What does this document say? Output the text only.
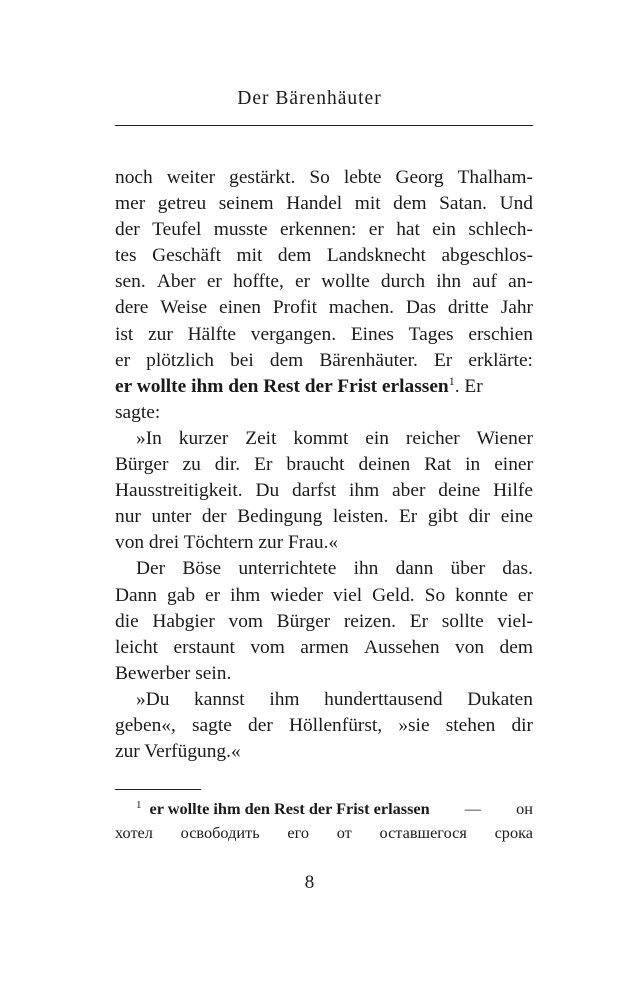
Der Bärenhäuter
noch weiter gestärkt. So lebte Georg Thalham-
mer getreu seinem Handel mit dem Satan. Und
der Teufel musste erkennen: er hat ein schlech-
tes Geschäft mit dem Landsknecht abgeschlos-
sen. Aber er hoffte, er wollte durch ihn auf an-
dere Weise einen Profit machen. Das dritte Jahr
ist zur Hälfte vergangen. Eines Tages erschien
er plötzlich bei dem Bärenhäuter. Er erklärte:
er wollte ihm den Rest der Frist erlassen$^1$. Er
sagte:
»In kurzer Zeit kommt ein reicher Wiener
Bürger zu dir. Er braucht deinen Rat in einer
Hausstreitigkeit. Du darfst ihm aber deine Hilfe
nur unter der Bedingung leisten. Er gibt dir eine
von drei Töchtern zur Frau.«
Der Böse unterrichtete ihn dann über das.
Dann gab er ihm wieder viel Geld. So konnte er
die Habgier vom Bürger reizen. Er sollte viel-
leicht erstaunt vom armen Aussehen von dem
Bewerber sein.
»Du kannst ihm hunderttausend Dukaten
geben«, sagte der Höllenfürst, »sie stehen dir
zur Verfügung.«
$^1$ er wollte ihm den Rest der Frist erlassen — он
хотел освободить его от оставшегося срока
8
